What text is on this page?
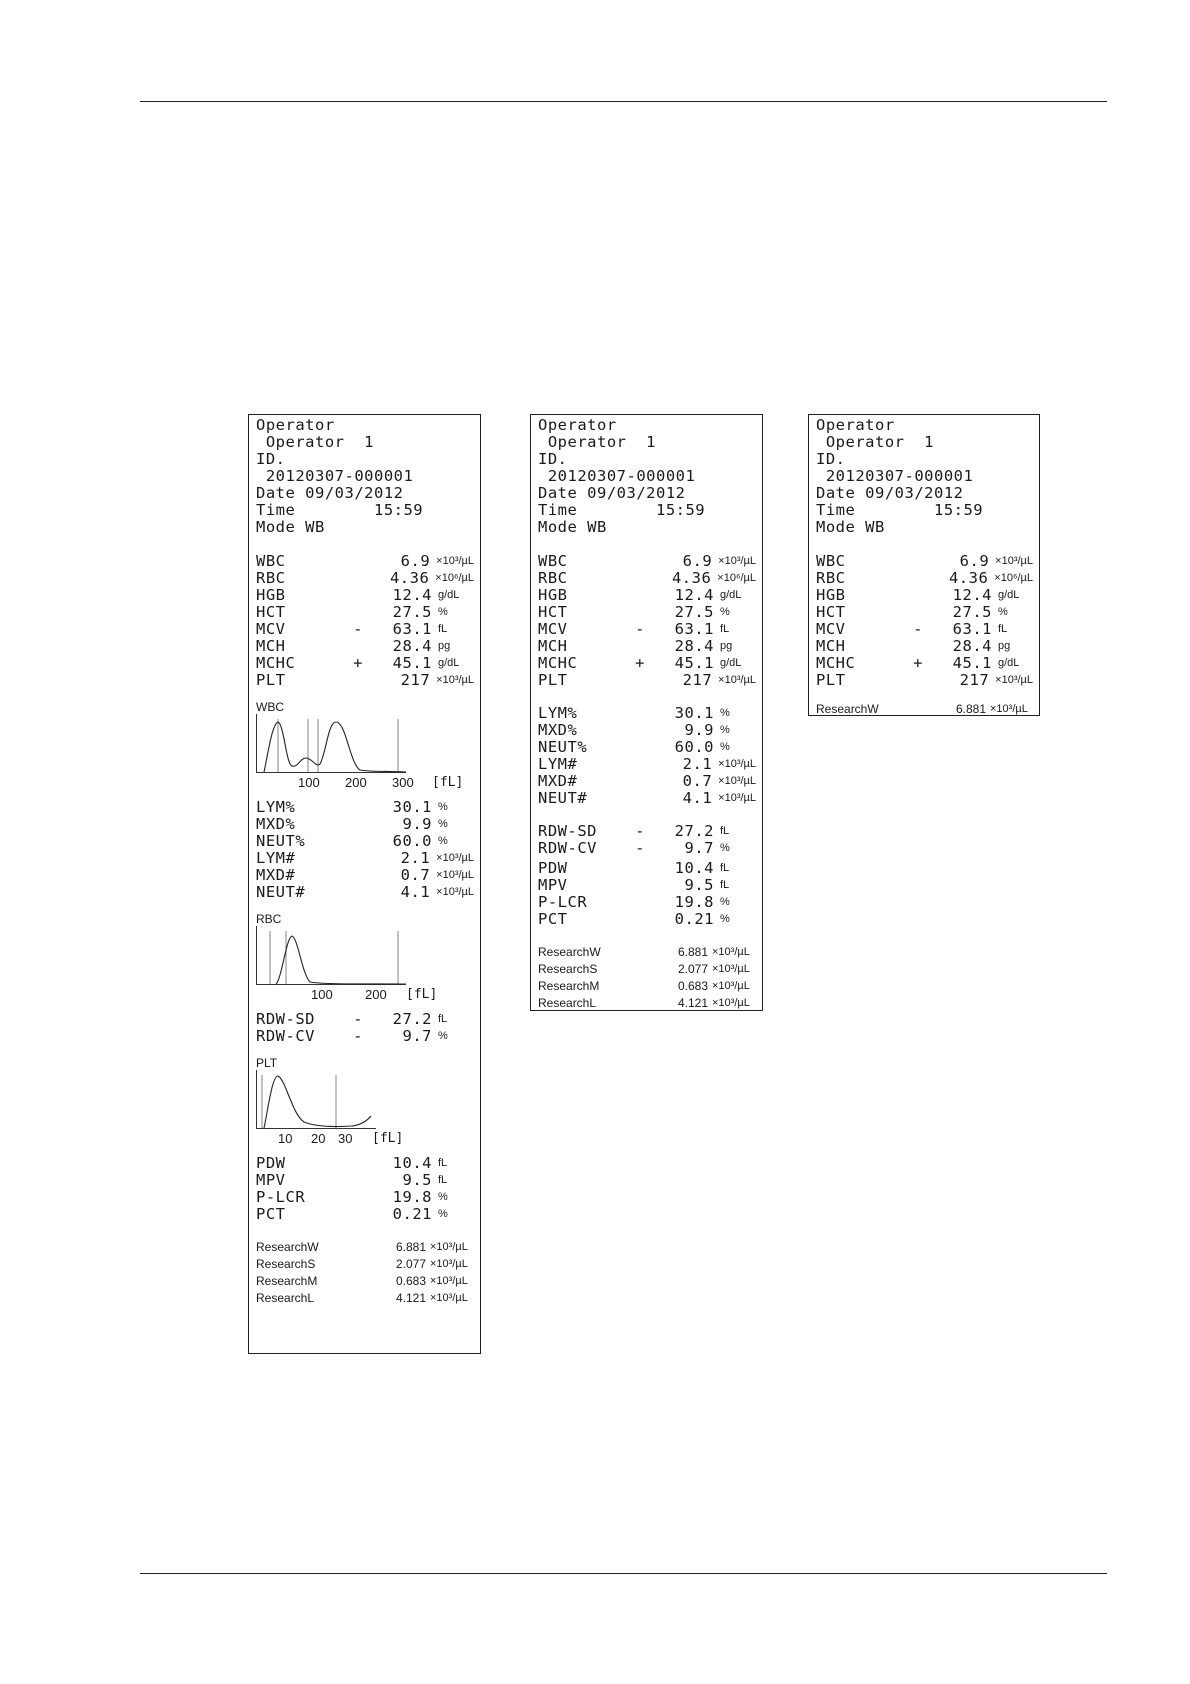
Operator
Operator  1
ID.
20120307-000001
Date 09/03/2012
Time        15:59
Mode WB
WBC	6.9 ×10³/µL
RBC	4.36 ×10⁶/µL
HGB	12.4 g/dL
HCT	27.5 %
MCV	-	63.1 fL
MCH	28.4 pg
MCHC	+	45.1 g/dL
PLT	217 ×10³/µL
WBC
100 200 300 [fL]
LYM%	30.1 %
MXD%	9.9 %
NEUT%	60.0 %
LYM#	2.1 ×10³/µL
MXD#	0.7 ×10³/µL
NEUT#	4.1 ×10³/µL
RBC
100 200 [fL]
RDW-SD	-	27.2 fL
RDW-CV	-	9.7 %
PLT
10 20 30 [fL]
PDW	10.4 fL
MPV	9.5 fL
P-LCR	19.8 %
PCT	0.21 %
ResearchW	6.881 ×10³/µL
ResearchS	2.077 ×10³/µL
ResearchM	0.683 ×10³/µL
ResearchL	4.121 ×10³/µL
Operator
Operator  1
ID.
20120307-000001
Date 09/03/2012
Time        15:59
Mode WB
WBC	6.9 ×10³/µL
RBC	4.36 ×10⁶/µL
HGB	12.4 g/dL
HCT	27.5 %
MCV	-	63.1 fL
MCH	28.4 pg
MCHC	+	45.1 g/dL
PLT	217 ×10³/µL
LYM%	30.1 %
MXD%	9.9 %
NEUT%	60.0 %
LYM#	2.1 ×10³/µL
MXD#	0.7 ×10³/µL
NEUT#	4.1 ×10³/µL
RDW-SD	-	27.2 fL
RDW-CV	-	9.7 %
PDW	10.4 fL
MPV	9.5 fL
P-LCR	19.8 %
PCT	0.21 %
ResearchW	6.881 ×10³/µL
ResearchS	2.077 ×10³/µL
ResearchM	0.683 ×10³/µL
ResearchL	4.121 ×10³/µL
Operator
Operator  1
ID.
20120307-000001
Date 09/03/2012
Time        15:59
Mode WB
WBC	6.9 ×10³/µL
RBC	4.36 ×10⁶/µL
HGB	12.4 g/dL
HCT	27.5 %
MCV	-	63.1 fL
MCH	28.4 pg
MCHC	+	45.1 g/dL
PLT	217 ×10³/µL
ResearchW	6.881 ×10³/µL
